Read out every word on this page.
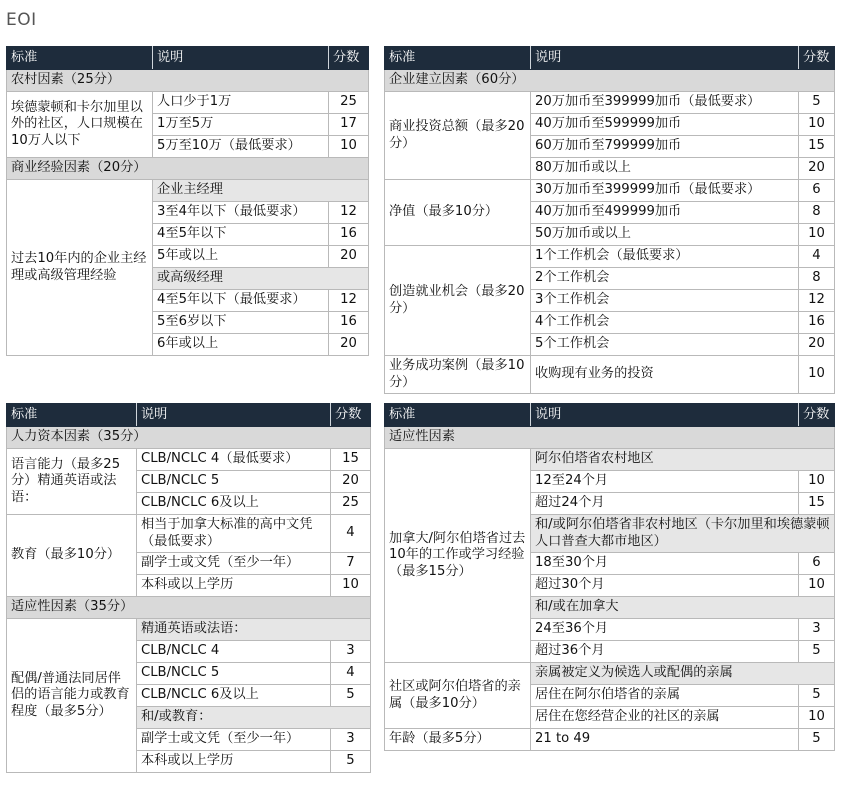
EOI
标准	说明	分数
农村因素（25分）		
埃德蒙顿和卡尔加里以外的社区，人口规模在10万人以下	人口少于1万	25
	1万至5万	17
	5万至10万（最低要求）	10
商业经验因素（20分）		
过去10年内的企业主经理或高级管理经验	企业主经理	
	3至4年以下（最低要求）	12
	4至5年以下	16
	5年或以上	20
	或高级经理	
	4至5年以下（最低要求）	12
	5至6岁以下	16
	6年或以上	20
标准	说明	分数
企业建立因素（60分）		
商业投资总额（最多20分）	20万加币至399999加币（最低要求）	5
	40万加币至599999加币	10
	60万加币至799999加币	15
	80万加币或以上	20
净值（最多10分）	30万加币至399999加币（最低要求）	6
	40万加币至499999加币	8
	50万加币或以上	10
创造就业机会（最多20分）	1个工作机会（最低要求）	4
	2个工作机会	8
	3个工作机会	12
	4个工作机会	16
	5个工作机会	20
业务成功案例（最多10分）	收购现有业务的投资	10
标准	说明	分数
人力资本因素（35分）		
语言能力（最多25分）精通英语或法语：	CLB/NCLC 4（最低要求）	15
	CLB/NCLC 5	20
	CLB/NCLC 6及以上	25
教育（最多10分）	相当于加拿大标准的高中文凭（最低要求）	4
	副学士或文凭（至少一年）	7
	本科或以上学历	10
适应性因素（35分）		
配偶/普通法同居伴侣的语言能力或教育程度（最多5分）	精通英语或法语：	
	CLB/NCLC 4	3
	CLB/NCLC 5	4
	CLB/NCLC 6及以上	5
	和/或教育：	
	副学士或文凭（至少一年）	3
	本科或以上学历	5
标准	说明	分数
适应性因素		
加拿大/阿尔伯塔省过去10年的工作或学习经验（最多15分）	阿尔伯塔省农村地区	
	12至24个月	10
	超过24个月	15
	和/或阿尔伯塔省非农村地区（卡尔加里和埃德蒙顿人口普查大都市地区）	
	18至30个月	6
	超过30个月	10
	和/或在加拿大	
	24至36个月	3
	超过36个月	5
社区或阿尔伯塔省的亲属（最多10分）	亲属被定义为候选人或配偶的亲属	
	居住在阿尔伯塔省的亲属	5
	居住在您经营企业的社区的亲属	10
年龄（最多5分）	21 to 49	5
